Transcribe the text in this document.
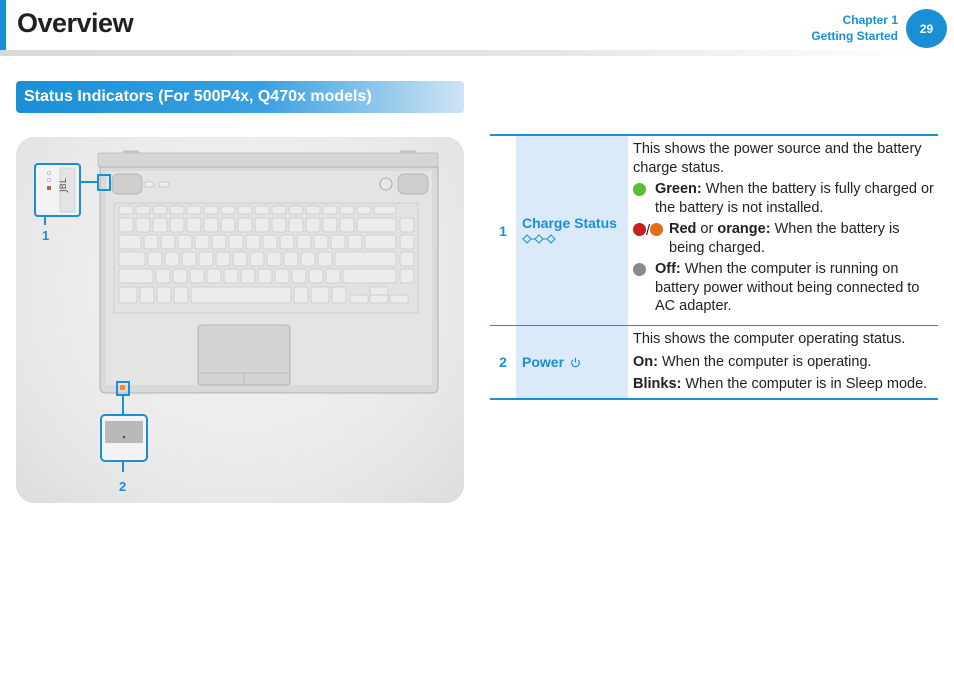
Overview	Chapter 1
Getting Started
29
Status Indicators (For 500P4x, Q470x models)
JBL
1
2
1	Charge Status
This shows the power source and the battery charge status.
Green: When the battery is fully charged or the battery is not installed.
/	Red or orange: When the battery is being charged.
Off: When the computer is running on battery power without being connected to AC adapter.
2	Power
This shows the computer operating status.
On: When the computer is operating.
Blinks: When the computer is in Sleep mode.
